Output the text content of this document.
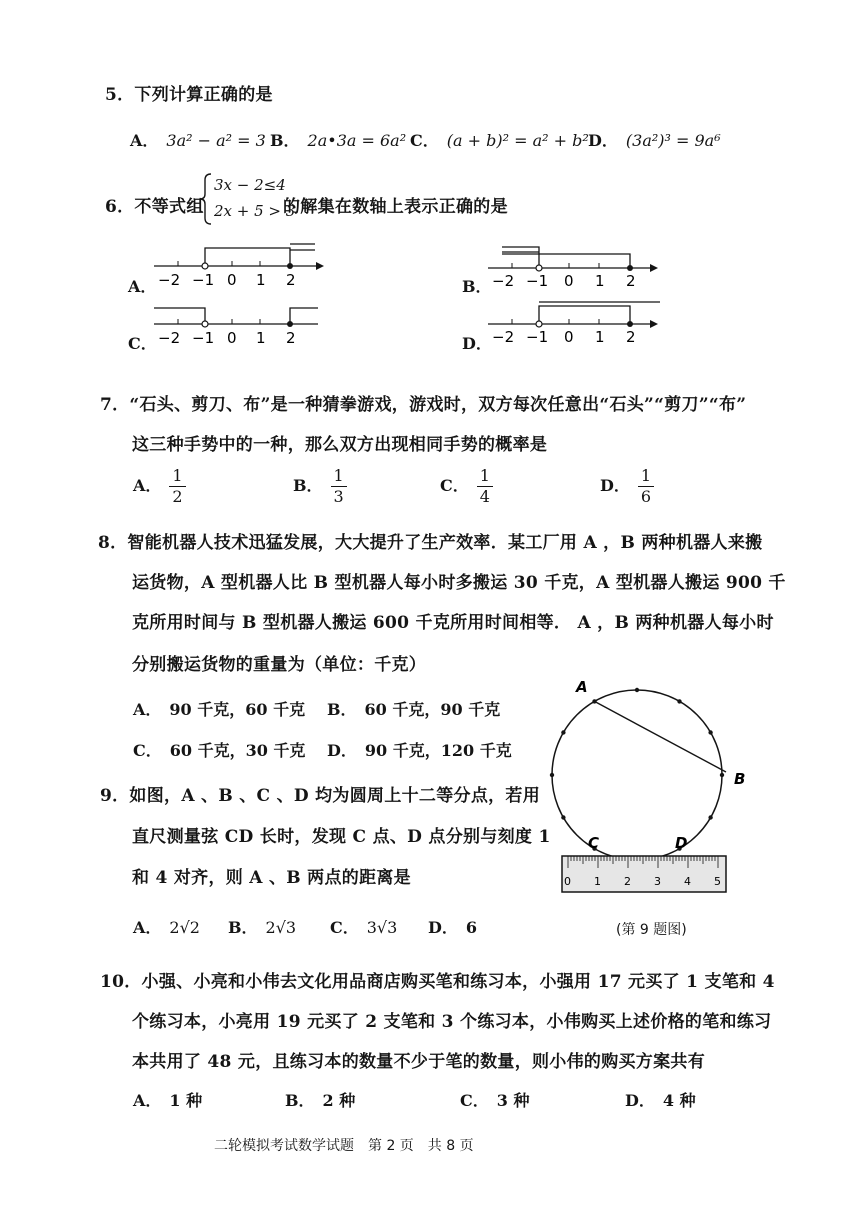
5．下列计算正确的是
A． 3a² − a² = 3 B． 2a•3a = 6a² C． (a + b)² = a² + b² D． (3a²)³ = 9a⁶
6．不等式组
3x − 2≤4
2x + 5 > 3
的解集在数轴上表示正确的是
A．	B．
C．	D．
−2 −1 0 1 2	−2 −1 0 1 2
−2 −1 0 1 2	−2 −1 0 1 2
7．“石头、剪刀、布”是一种猜拳游戏，游戏时，双方每次任意出“石头”“剪刀”“布”
这三种手势中的一种，那么双方出现相同手势的概率是
A． $\frac{1}{2}$	B． $\frac{1}{3}$	C． $\frac{1}{4}$	D． $\frac{1}{6}$
8．智能机器人技术迅猛发展，大大提升了生产效率．某工厂用 A ，B 两种机器人来搬
运货物，A 型机器人比 B 型机器人每小时多搬运 30 千克，A 型机器人搬运 900 千
克所用时间与 B 型机器人搬运 600 千克所用时间相等． A ，B 两种机器人每小时
分别搬运货物的重量为（单位：千克）
A． 90 千克，60 千克 B． 60 千克，90 千克
C． 60 千克，30 千克 D． 90 千克，120 千克
9．如图，A 、B 、C 、D 均为圆周上十二等分点，若用
直尺测量弦 CD 长时，发现 C 点、D 点分别与刻度 1
和 4 对齐，则 A 、B 两点的距离是
A． 2√2 B． 2√3 C． 3√3 D． 6
A
B
C	D
0 1 2 3 4 5
(第 9 题图)
10．小强、小亮和小伟去文化用品商店购买笔和练习本，小强用 17 元买了 1 支笔和 4
个练习本，小亮用 19 元买了 2 支笔和 3 个练习本，小伟购买上述价格的笔和练习
本共用了 48 元，且练习本的数量不少于笔的数量，则小伟的购买方案共有
A． 1 种	B． 2 种	C． 3 种	D． 4 种
二轮模拟考试数学试题　第 2 页　共 8 页
